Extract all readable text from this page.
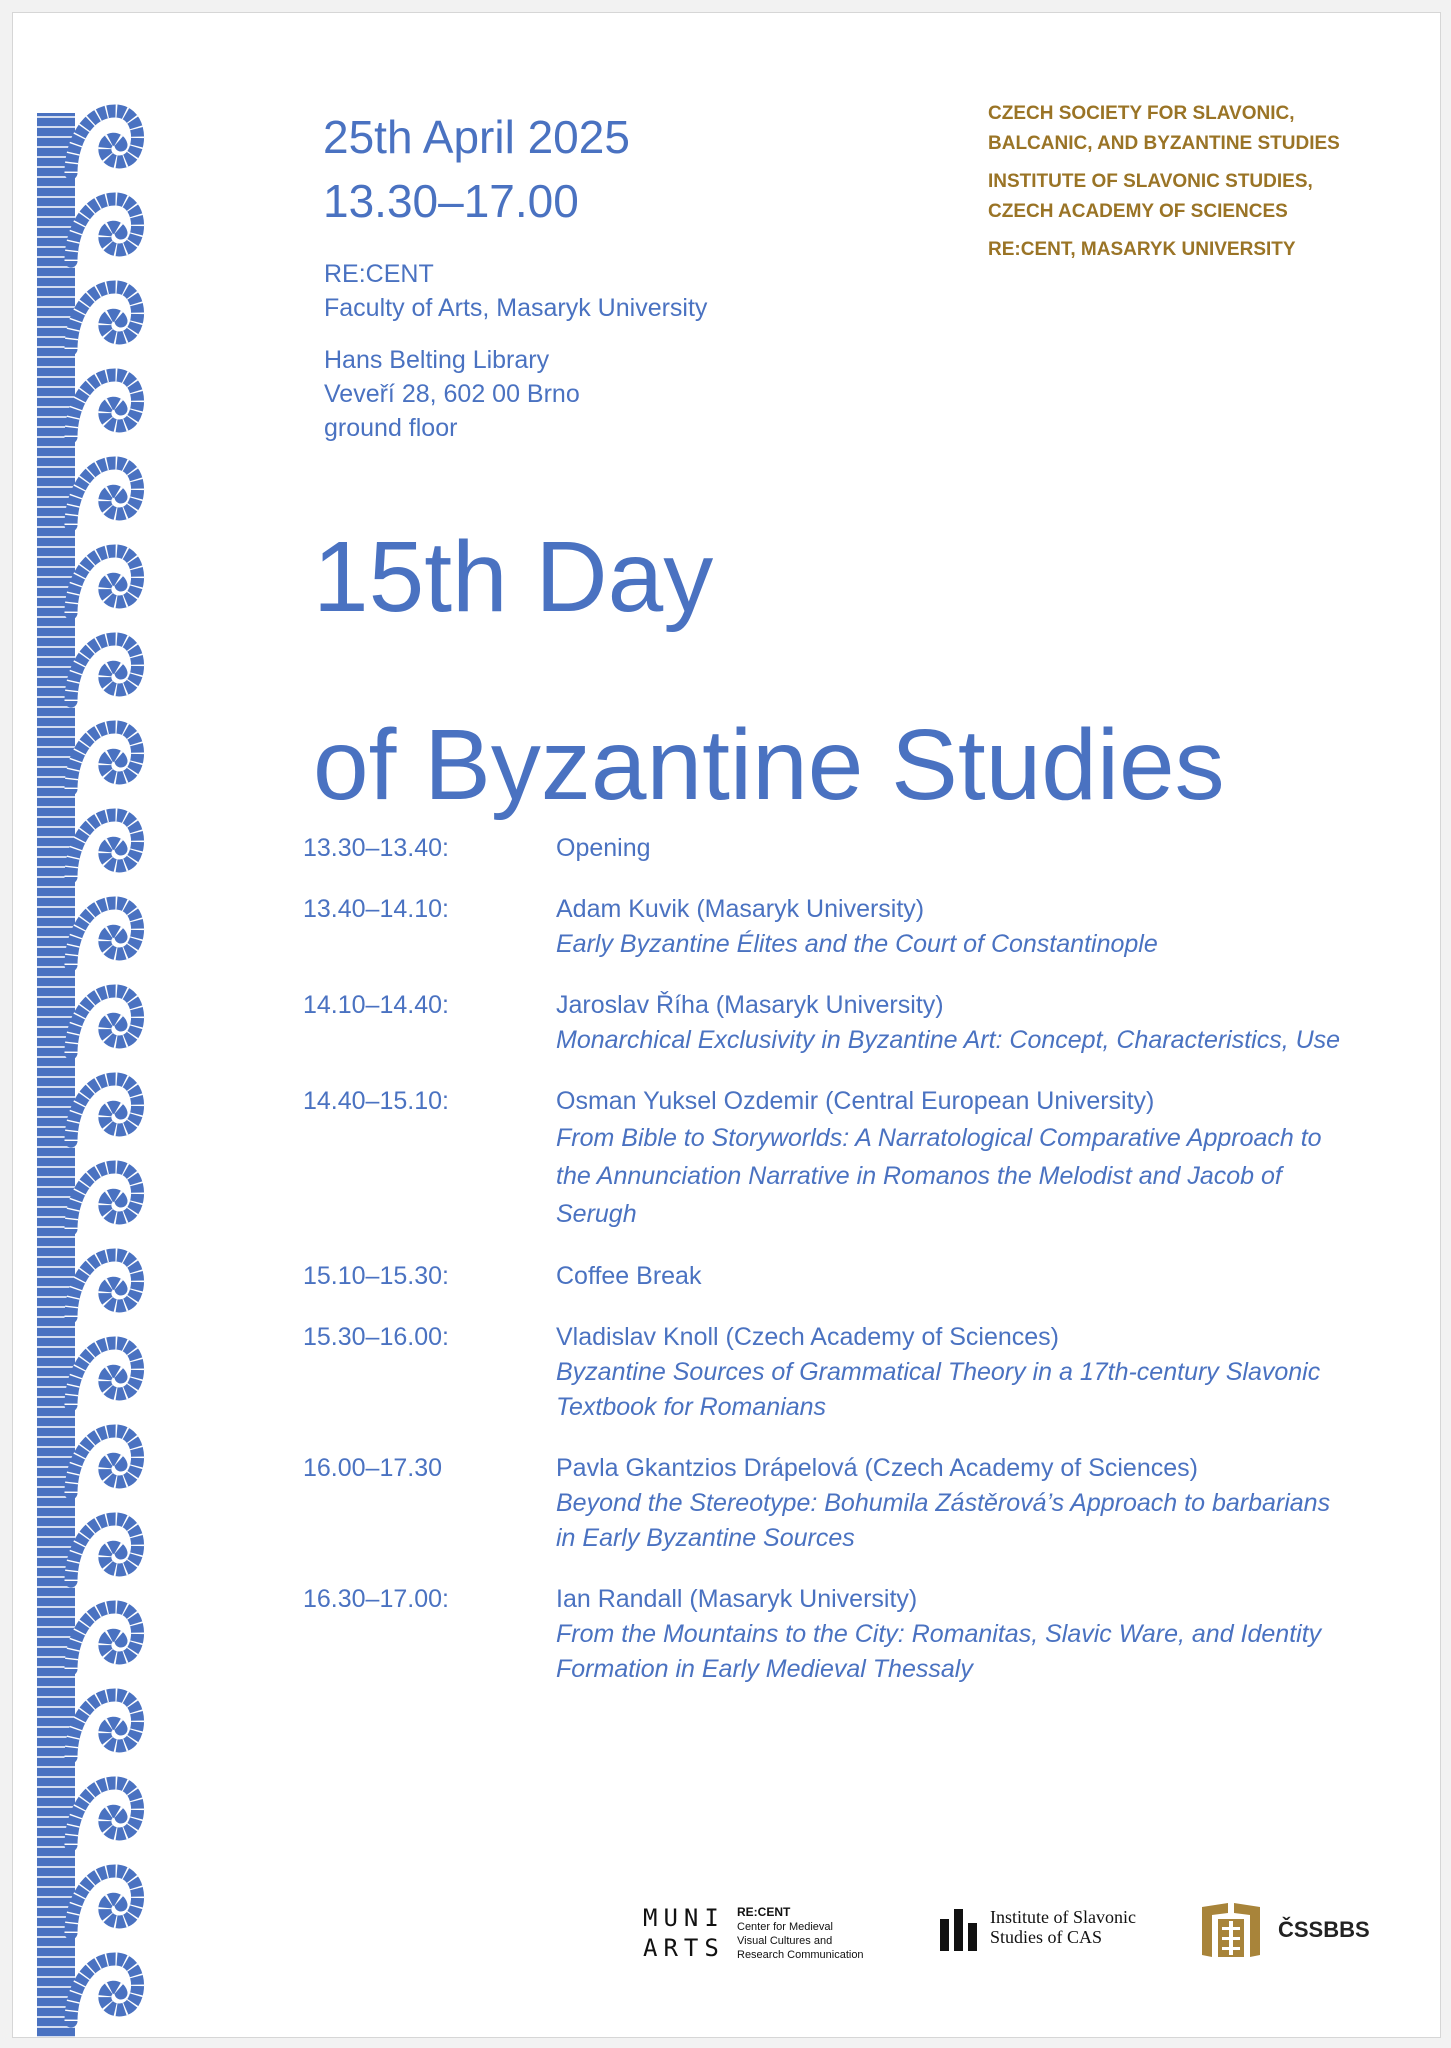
25th April 2025
13.30–17.00
RE:CENT
Faculty of Arts, Masaryk University
Hans Belting Library
Veveří 28, 602 00 Brno
ground floor
CZECH SOCIETY FOR SLAVONIC,
BALCANIC, AND BYZANTINE STUDIES
INSTITUTE OF SLAVONIC STUDIES,
CZECH ACADEMY OF SCIENCES
RE:CENT, MASARYK UNIVERSITY
15th Day
of Byzantine Studies
13.30–13.40:	Opening
13.40–14.10:	Adam Kuvik (Masaryk University)
Early Byzantine Élites and the Court of Constantinople
14.10–14.40:	Jaroslav Říha (Masaryk University)
Monarchical Exclusivity in Byzantine Art: Concept, Characteristics, Use
14.40–15.10:	Osman Yuksel Ozdemir (Central European University)
From Bible to Storyworlds: A Narratological Comparative Approach to the Annunciation Narrative in Romanos the Melodist and Jacob of Serugh
15.10–15.30:	Coffee Break
15.30–16.00:	Vladislav Knoll (Czech Academy of Sciences)
Byzantine Sources of Grammatical Theory in a 17th-century Slavonic Textbook for Romanians
16.00–17.30	Pavla Gkantzios Drápelová (Czech Academy of Sciences)
Beyond the Stereotype: Bohumila Zástěrová’s Approach to barbarians in Early Byzantine Sources
16.30–17.00:	Ian Randall (Masaryk University)
From the Mountains to the City: Romanitas, Slavic Ware, and Identity Formation in Early Medieval Thessaly
MUNI
ARTS
RE:CENT
Center for Medieval
Visual Cultures and
Research Communication
Institute of Slavonic
Studies of CAS	ČSSBBS
